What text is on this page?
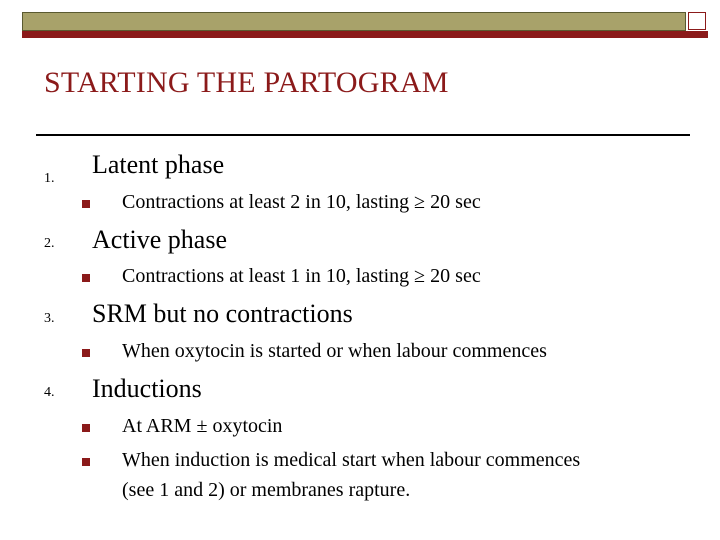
STARTING THE PARTOGRAM
1. Latent phase
Contractions at least 2 in 10, lasting ≥ 20 sec
2. Active phase
Contractions at least 1 in 10, lasting ≥ 20 sec
3. SRM but no contractions
When oxytocin is started or when labour commences
4. Inductions
At ARM ± oxytocin
When induction is medical start when labour commences
(see 1 and 2) or membranes rapture.
